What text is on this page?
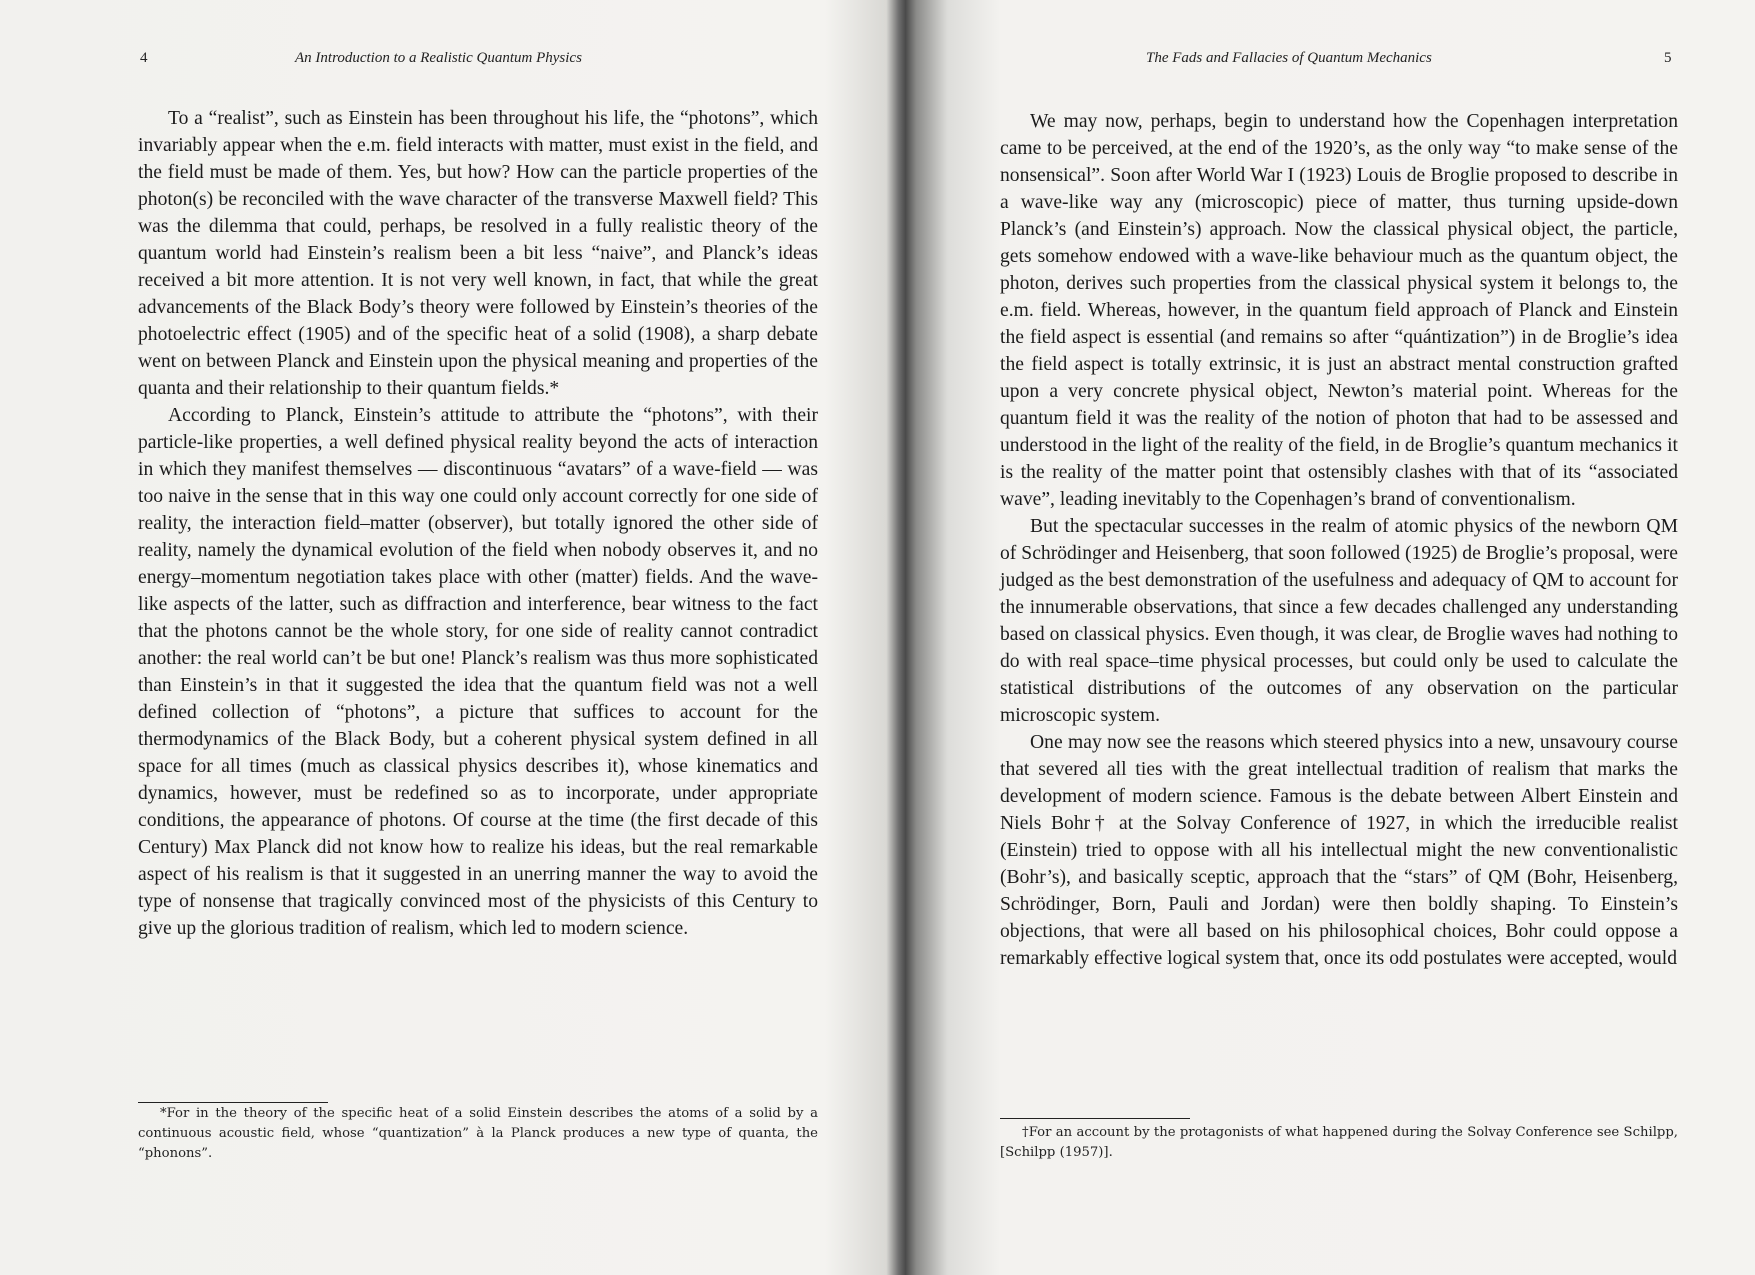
4	An Introduction to a Realistic Quantum Physics

To a “realist”, such as Einstein has been throughout his life, the “photons”, which invariably appear when the e.m. field interacts with matter, must exist in the field, and the field must be made of them. Yes, but how? How can the particle properties of the photon(s) be reconciled with the wave character of the transverse Maxwell field? This was the dilemma that could, perhaps, be resolved in a fully realistic theory of the quantum world had Einstein’s realism been a bit less “naive”, and Planck’s ideas received a bit more attention. It is not very well known, in fact, that while the great advancements of the Black Body’s theory were followed by Einstein’s theories of the photoelectric effect (1905) and of the specific heat of a solid (1908), a sharp debate went on between Planck and Einstein upon the physical meaning and properties of the quanta and their relationship to their quantum fields.*

According to Planck, Einstein’s attitude to attribute the “photons”, with their particle-like properties, a well defined physical reality beyond the acts of interaction in which they manifest themselves — discontinuous “avatars” of a wave-field — was too naive in the sense that in this way one could only account correctly for one side of reality, the interaction field–matter (observer), but totally ignored the other side of reality, namely the dynamical evolution of the field when nobody observes it, and no energy–momentum negotiation takes place with other (matter) fields. And the wave-like aspects of the latter, such as diffraction and interference, bear witness to the fact that the photons cannot be the whole story, for one side of reality cannot contradict another: the real world can’t be but one! Planck’s realism was thus more sophisticated than Einstein’s in that it suggested the idea that the quantum field was not a well defined collection of “photons”, a picture that suffices to account for the thermodynamics of the Black Body, but a coherent physical system defined in all space for all times (much as classical physics describes it), whose kinematics and dynamics, however, must be redefined so as to incorporate, under appropriate conditions, the appearance of photons. Of course at the time (the first decade of this Century) Max Planck did not know how to realize his ideas, but the real remarkable aspect of his realism is that it suggested in an unerring manner the way to avoid the type of nonsense that tragically convinced most of the physicists of this Century to give up the glorious tradition of realism, which led to modern science.

*For in the theory of the specific heat of a solid Einstein describes the atoms of a solid by a continuous acoustic field, whose “quantization” à la Planck produces a new type of quanta, the “phonons”.
The Fads and Fallacies of Quantum Mechanics	5

We may now, perhaps, begin to understand how the Copenhagen interpretation came to be perceived, at the end of the 1920’s, as the only way “to make sense of the nonsensical”. Soon after World War I (1923) Louis de Broglie proposed to describe in a wave-like way any (microscopic) piece of matter, thus turning upside-down Planck’s (and Einstein’s) approach. Now the classical physical object, the particle, gets somehow endowed with a wave-like behaviour much as the quantum object, the photon, derives such properties from the classical physical system it belongs to, the e.m. field. Whereas, however, in the quantum field approach of Planck and Einstein the field aspect is essential (and remains so after “quántization”) in de Broglie’s idea the field aspect is totally extrinsic, it is just an abstract mental construction grafted upon a very concrete physical object, Newton’s material point. Whereas for the quantum field it was the reality of the notion of photon that had to be assessed and understood in the light of the reality of the field, in de Broglie’s quantum mechanics it is the reality of the matter point that ostensibly clashes with that of its “associated wave”, leading inevitably to the Copenhagen’s brand of conventionalism.

But the spectacular successes in the realm of atomic physics of the newborn QM of Schrödinger and Heisenberg, that soon followed (1925) de Broglie’s proposal, were judged as the best demonstration of the usefulness and adequacy of QM to account for the innumerable observations, that since a few decades challenged any understanding based on classical physics. Even though, it was clear, de Broglie waves had nothing to do with real space–time physical processes, but could only be used to calculate the statistical distributions of the outcomes of any observation on the particular microscopic system.

One may now see the reasons which steered physics into a new, unsavoury course that severed all ties with the great intellectual tradition of realism that marks the development of modern science. Famous is the debate between Albert Einstein and Niels Bohr† at the Solvay Conference of 1927, in which the irreducible realist (Einstein) tried to oppose with all his intellectual might the new conventionalistic (Bohr’s), and basically sceptic, approach that the “stars” of QM (Bohr, Heisenberg, Schrödinger, Born, Pauli and Jordan) were then boldly shaping. To Einstein’s objections, that were all based on his philosophical choices, Bohr could oppose a remarkably effective logical system that, once its odd postulates were accepted, would

†For an account by the protagonists of what happened during the Solvay Conference see Schilpp,[Schilpp (1957)].
